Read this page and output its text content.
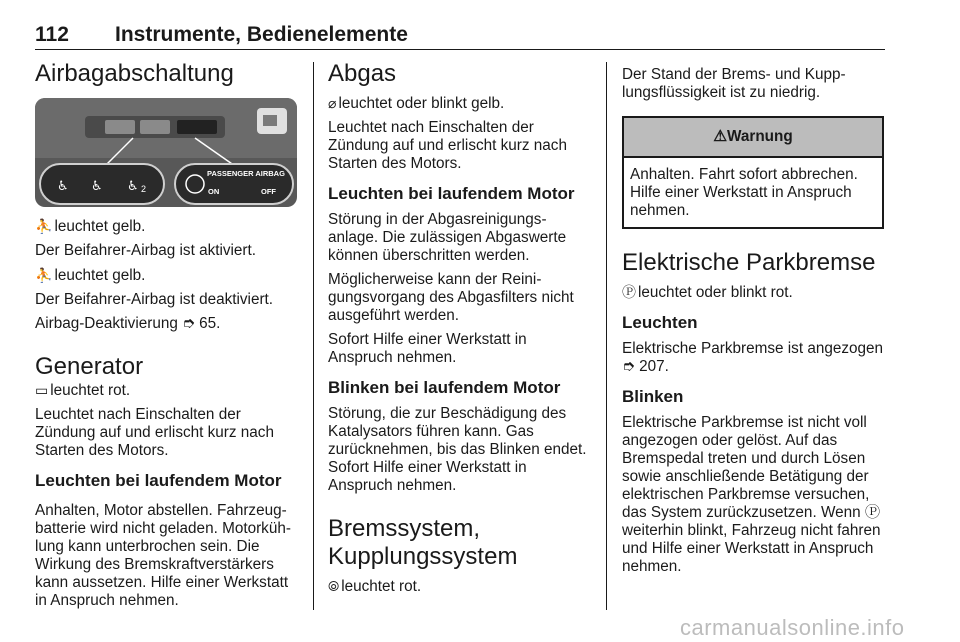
112 Instrumente, Bedienelemente
Airbagabschaltung
♿ ♿ ♿ 2
PASSENGER AIRBAG
ON	OFF

⛹ leuchtet gelb.

Der Beifahrer-Airbag ist aktiviert.

⛹ leuchtet gelb.

Der Beifahrer-Airbag ist deaktiviert.

Airbag-Deaktivierung ➮ 65.

Generator

▭ leuchtet rot.

Leuchtet nach Einschalten der Zündung auf und erlischt kurz nach Starten des Motors.

Leuchten bei laufendem Motor

Anhalten, Motor abstellen. Fahrzeugbatterie wird nicht geladen. Motorkühlung kann unterbrochen sein. Die Wirkung des Bremskraftverstärkers kann aussetzen. Hilfe einer Werkstatt in Anspruch nehmen.

Abgas

⌀ leuchtet oder blinkt gelb.

Leuchtet nach Einschalten der Zündung auf und erlischt kurz nach Starten des Motors.

Leuchten bei laufendem Motor

Störung in der Abgasreinigungsanlage. Die zulässigen Abgaswerte können überschritten werden.

Möglicherweise kann der Reinigungsvorgang des Abgasfilters nicht ausgeführt werden.

Sofort Hilfe einer Werkstatt in Anspruch nehmen.

Blinken bei laufendem Motor

Störung, die zur Beschädigung des Katalysators führen kann. Gas zurücknehmen, bis das Blinken endet. Sofort Hilfe einer Werkstatt in Anspruch nehmen.

Bremssystem,
Kupplungssystem

⦾ leuchtet rot.

Der Stand der Brems- und Kupplungsflüssigkeit ist zu niedrig.

⚠Warnung
Anhalten. Fahrt sofort abbrechen. Hilfe einer Werkstatt in Anspruch nehmen.
Elektrische Parkbremse

Ⓟ leuchtet oder blinkt rot.

Leuchten

Elektrische Parkbremse ist angezogen ➮ 207.

Blinken

Elektrische Parkbremse ist nicht voll angezogen oder gelöst. Auf das Bremspedal treten und durch Lösen sowie anschließende Betätigung der elektrischen Parkbremse versuchen, das System zurückzusetzen. Wenn Ⓟ weiterhin blinkt, Fahrzeug nicht fahren und Hilfe einer Werkstatt in Anspruch nehmen.

carmanualsonline.info
